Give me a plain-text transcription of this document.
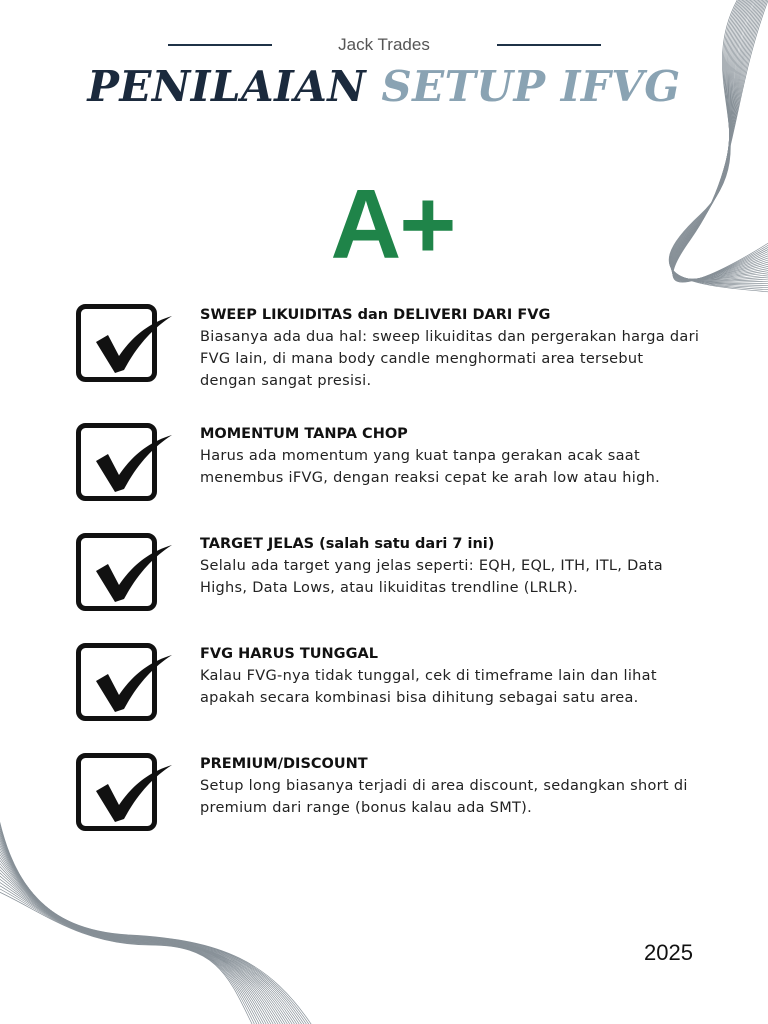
Jack Trades
PENILAIAN SETUP IFVG
A+
SWEEP LIKUIDITAS dan DELIVERI DARI FVG
Biasanya ada dua hal: sweep likuiditas dan pergerakan harga dari FVG lain, di mana body candle menghormati area tersebut dengan sangat presisi.
MOMENTUM TANPA CHOP
Harus ada momentum yang kuat tanpa gerakan acak saat menembus iFVG, dengan reaksi cepat ke arah low atau high.
TARGET JELAS (salah satu dari 7 ini)
Selalu ada target yang jelas seperti: EQH, EQL, ITH, ITL, Data Highs, Data Lows, atau likuiditas trendline (LRLR).
FVG HARUS TUNGGAL
Kalau FVG-nya tidak tunggal, cek di timeframe lain dan lihat apakah secara kombinasi bisa dihitung sebagai satu area.
PREMIUM/DISCOUNT
Setup long biasanya terjadi di area discount, sedangkan short di premium dari range (bonus kalau ada SMT).
2025
